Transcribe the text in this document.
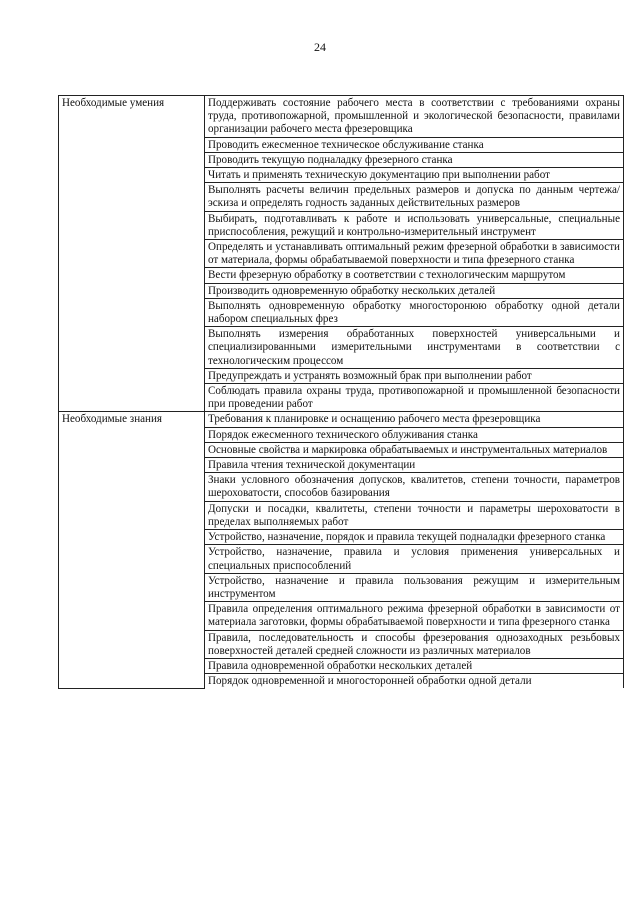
24
Необходимые умения	Поддерживать состояние рабочего места в соответствии с требованиями охраны труда, противопожарной, промышленной и экологической безопасности, правилами организации рабочего места фрезеровщика
	Проводить ежесменное техническое обслуживание станка
	Проводить текущую подналадку фрезерного станка
	Читать и применять техническую документацию при выполнении работ
	Выполнять расчеты величин предельных размеров и допуска по данным чертежа/эскиза и определять годность заданных действительных размеров
	Выбирать, подготавливать к работе и использовать универсальные, специальные приспособления, режущий и контрольно-измерительный инструмент
	Определять и устанавливать оптимальный режим фрезерной обработки в зависимости от материала, формы обрабатываемой поверхности и типа фрезерного станка
	Вести фрезерную обработку в соответствии с технологическим маршрутом
	Производить одновременную обработку нескольких деталей
	Выполнять одновременную обработку многосторонюю обработку одной детали набором специальных фрез
	Выполнять измерения обработанных поверхностей универсальными и специализированными измерительными инструментами в соответствии с технологическим процессом
	Предупреждать и устранять возможный брак при выполнении работ
	Соблюдать правила охраны труда, противопожарной и промышленной безопасности при проведении работ
Необходимые знания	Требования к планировке и оснащению рабочего места фрезеровщика
	Порядок ежесменного технического облуживания станка
	Основные свойства и маркировка обрабатываемых и инструментальных материалов
	Правила чтения технической документации
	Знаки условного обозначения допусков, квалитетов, степени точности, параметров шероховатости, способов базирования
	Допуски и посадки, квалитеты, степени точности и параметры шероховатости в пределах выполняемых работ
	Устройство, назначение, порядок и правила текущей подналадки фрезерного станка
	Устройство, назначение, правила и условия применения универсальных и специальных приспособлений
	Устройство, назначение и правила пользования режущим и измерительным инструментом
	Правила определения оптимального режима фрезерной обработки в зависимости от материала заготовки, формы обрабатываемой поверхности и типа фрезерного станка
	Правила, последовательность и способы фрезерования однозаходных резьбовых поверхностей деталей средней сложности из различных материалов
	Правила одновременной обработки нескольких деталей
	Порядок одновременной и многосторонней обработки одной детали
